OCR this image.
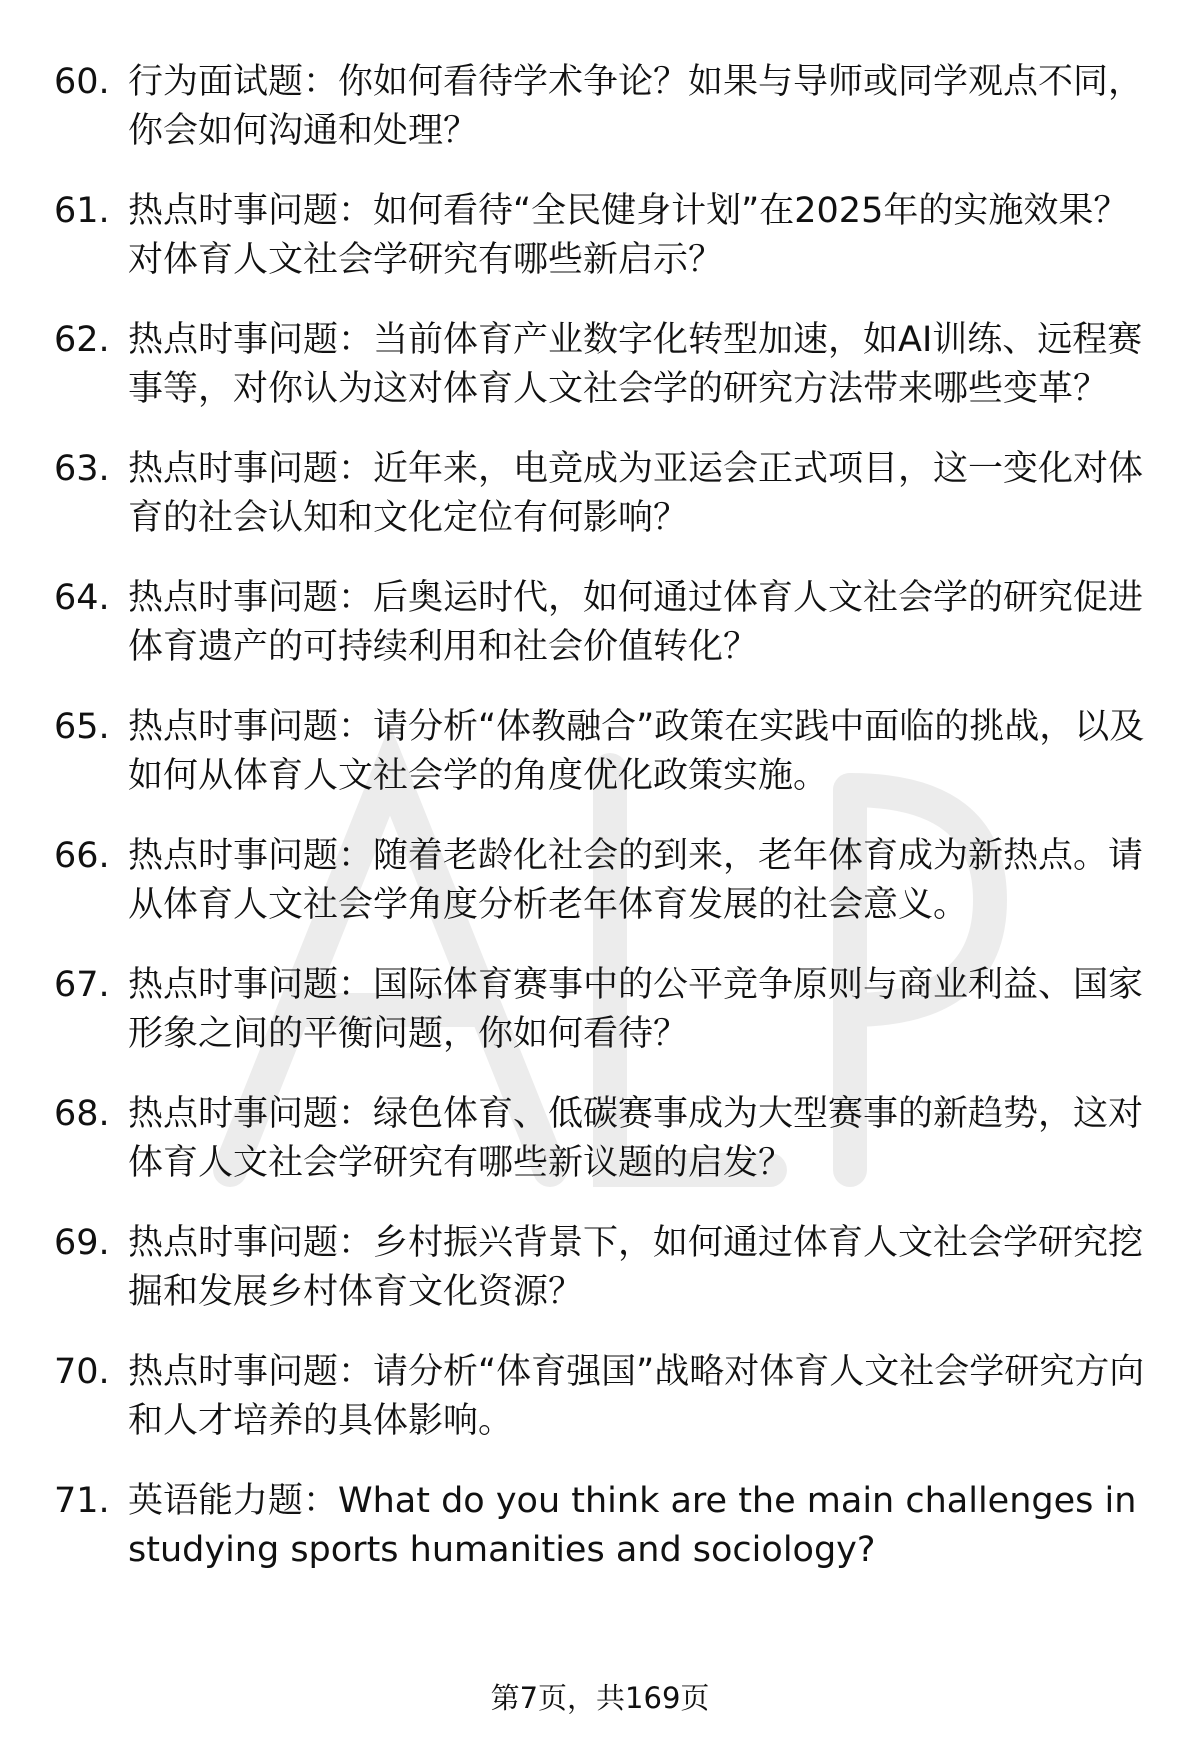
60. 行为面试题：你如何看待学术争论？如果与导师或同学观点不同，你会如何沟通和处理？
61. 热点时事问题：如何看待“全民健身计划”在2025年的实施效果？对体育人文社会学研究有哪些新启示？
62. 热点时事问题：当前体育产业数字化转型加速，如AI训练、远程赛事等，对你认为这对体育人文社会学的研究方法带来哪些变革？
63. 热点时事问题：近年来，电竞成为亚运会正式项目，这一变化对体育的社会认知和文化定位有何影响？
64. 热点时事问题：后奥运时代，如何通过体育人文社会学的研究促进体育遗产的可持续利用和社会价值转化？
65. 热点时事问题：请分析“体教融合”政策在实践中面临的挑战，以及如何从体育人文社会学的角度优化政策实施。
66. 热点时事问题：随着老龄化社会的到来，老年体育成为新热点。请从体育人文社会学角度分析老年体育发展的社会意义。
67. 热点时事问题：国际体育赛事中的公平竞争原则与商业利益、国家形象之间的平衡问题，你如何看待？
68. 热点时事问题：绿色体育、低碳赛事成为大型赛事的新趋势，这对体育人文社会学研究有哪些新议题的启发？
69. 热点时事问题：乡村振兴背景下，如何通过体育人文社会学研究挖掘和发展乡村体育文化资源？
70. 热点时事问题：请分析“体育强国”战略对体育人文社会学研究方向和人才培养的具体影响。
71. 英语能力题：What do you think are the main challenges in studying sports humanities and sociology?
第7页，共169页
